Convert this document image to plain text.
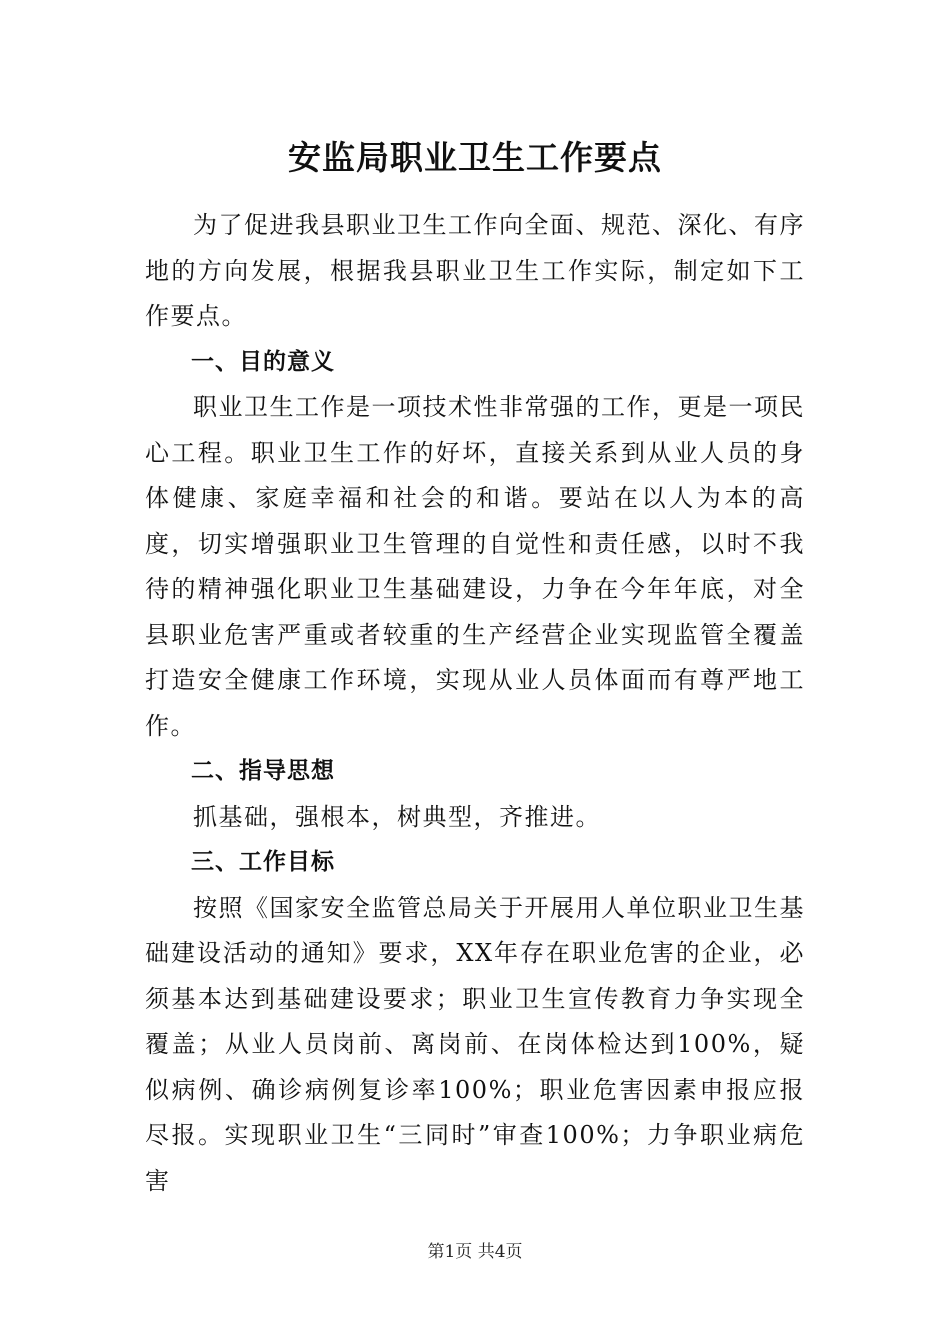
安监局职业卫生工作要点

为了促进我县职业卫生工作向全面、规范、深化、有序地的方向发展，根据我县职业卫生工作实际，制定如下工作要点。

一、目的意义

职业卫生工作是一项技术性非常强的工作，更是一项民心工程。职业卫生工作的好坏，直接关系到从业人员的身体健康、家庭幸福和社会的和谐。要站在以人为本的高度，切实增强职业卫生管理的自觉性和责任感，以时不我待的精神强化职业卫生基础建设，力争在今年年底，对全县职业危害严重或者较重的生产经营企业实现监管全覆盖打造安全健康工作环境，实现从业人员体面而有尊严地工作。

二、指导思想

抓基础，强根本，树典型，齐推进。

三、工作目标

按照《国家安全监管总局关于开展用人单位职业卫生基础建设活动的通知》要求，XX年存在职业危害的企业，必须基本达到基础建设要求；职业卫生宣传教育力争实现全覆盖；从业人员岗前、离岗前、在岗体检达到100%，疑似病例、确诊病例复诊率100%；职业危害因素申报应报尽报。实现职业卫生“三同时”审查100%；力争职业病危害

第1页 共4页
